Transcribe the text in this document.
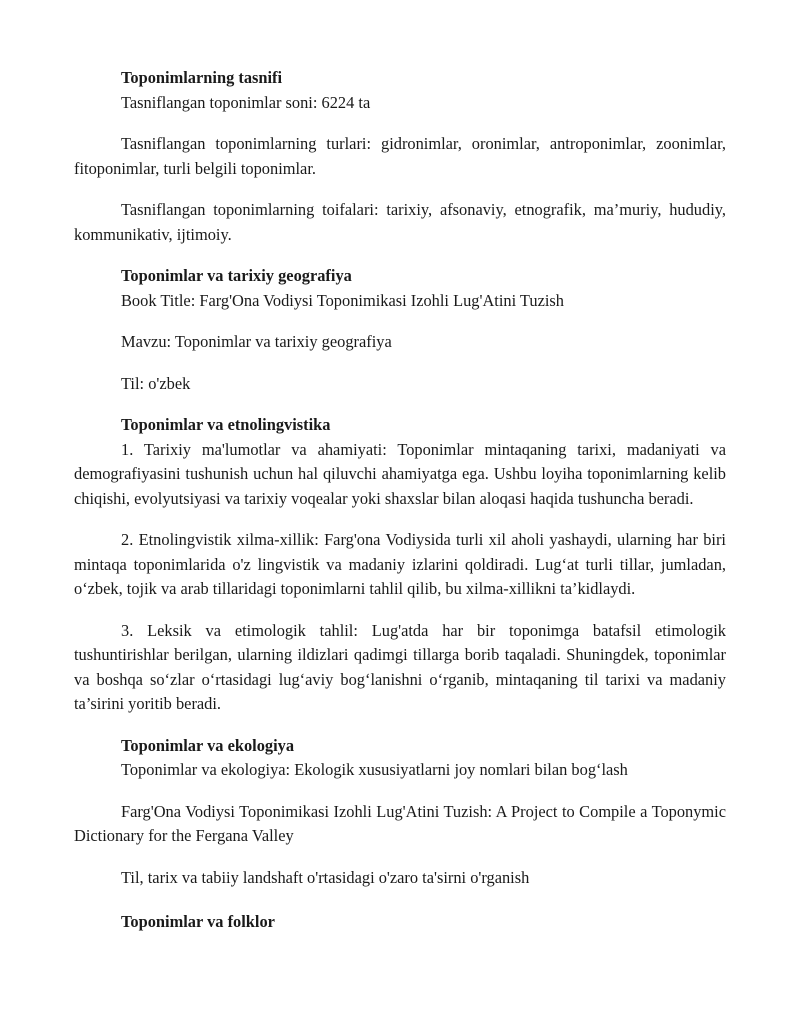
Toponimlarning tasnifi

Tasniflangan toponimlar soni: 6224 ta

Tasniflangan toponimlarning turlari: gidronimlar, oronimlar, antroponimlar, zoonimlar, fitoponimlar, turli belgili toponimlar.

Tasniflangan toponimlarning toifalari: tarixiy, afsonaviy, etnografik, ma’muriy, hududiy, kommunikativ, ijtimoiy.

Toponimlar va tarixiy geografiya

Book Title: Farg'Ona Vodiysi Toponimikasi Izohli Lug'Atini Tuzish

Mavzu: Toponimlar va tarixiy geografiya

Til: o'zbek

Toponimlar va etnolingvistika

1. Tarixiy ma'lumotlar va ahamiyati: Toponimlar mintaqaning tarixi, madaniyati va demografiyasini tushunish uchun hal qiluvchi ahamiyatga ega. Ushbu loyiha toponimlarning kelib chiqishi, evolyutsiyasi va tarixiy voqealar yoki shaxslar bilan aloqasi haqida tushuncha beradi.

2. Etnolingvistik xilma-xillik: Farg'ona Vodiysida turli xil aholi yashaydi, ularning har biri mintaqa toponimlarida o'z lingvistik va madaniy izlarini qoldiradi. Lug‘at turli tillar, jumladan, o‘zbek, tojik va arab tillaridagi toponimlarni tahlil qilib, bu xilma-xillikni ta’kidlaydi.

3. Leksik va etimologik tahlil: Lug'atda har bir toponimga batafsil etimologik tushuntirishlar berilgan, ularning ildizlari qadimgi tillarga borib taqaladi. Shuningdek, toponimlar va boshqa so‘zlar o‘rtasidagi lug‘aviy bog‘lanishni o‘rganib, mintaqaning til tarixi va madaniy ta’sirini yoritib beradi.

Toponimlar va ekologiya

Toponimlar va ekologiya: Ekologik xususiyatlarni joy nomlari bilan bog‘lash

Farg'Ona Vodiysi Toponimikasi Izohli Lug'Atini Tuzish: A Project to Compile a Toponymic Dictionary for the Fergana Valley

Til, tarix va tabiiy landshaft o'rtasidagi o'zaro ta'sirni o'rganish

Toponimlar va folklor
